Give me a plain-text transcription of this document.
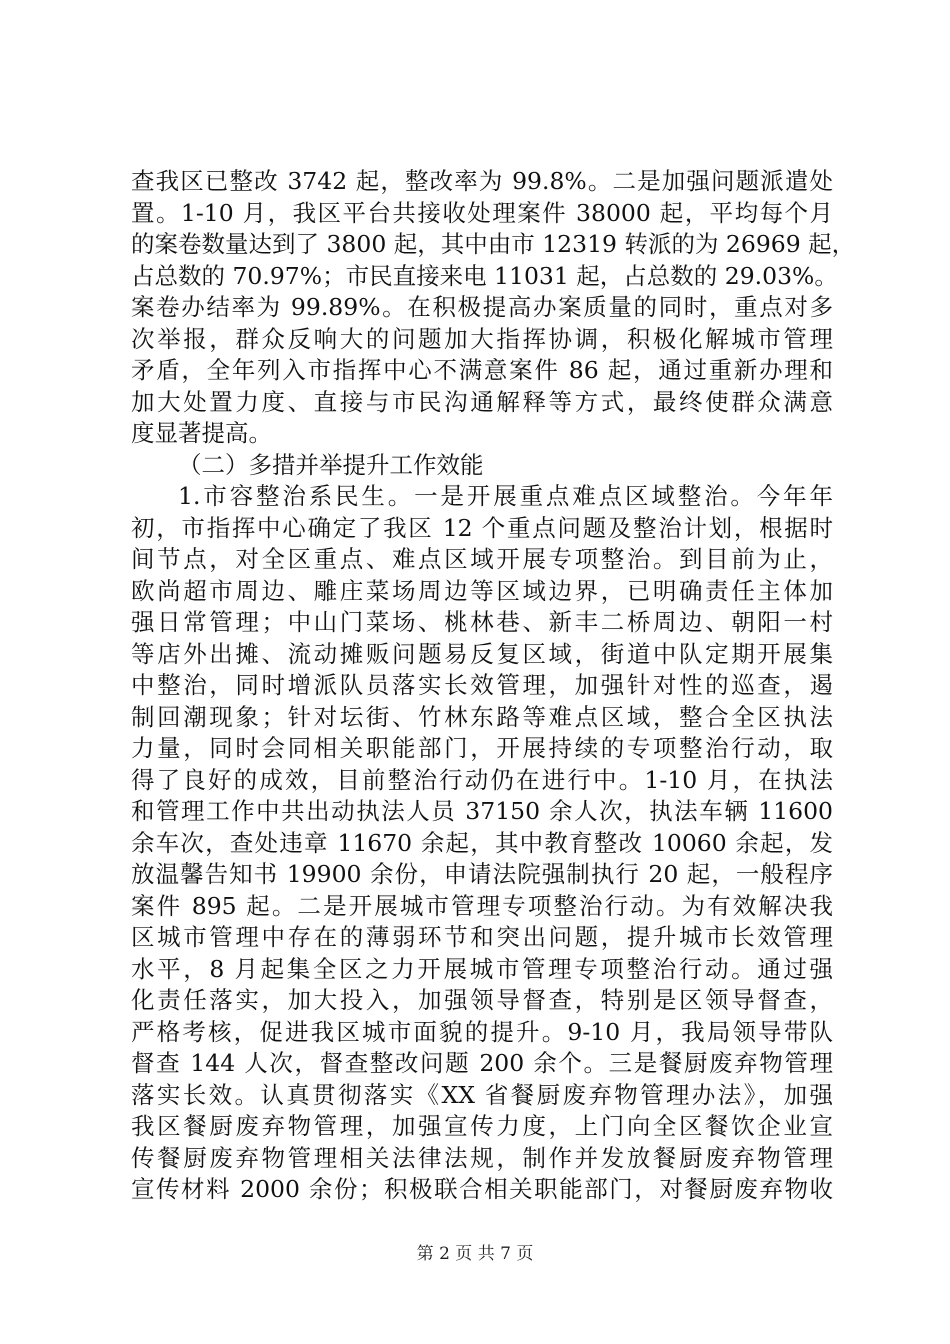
查我区已整改 3742 起，整改率为 99.8%。二是加强问题派遣处
置。1-10 月，我区平台共接收处理案件 38000 起，平均每个月
的案卷数量达到了 3800 起，其中由市 12319 转派的为 26969 起，
占总数的 70.97%；市民直接来电 11031 起，占总数的 29.03%。
案卷办结率为 99.89%。在积极提高办案质量的同时，重点对多
次举报，群众反响大的问题加大指挥协调，积极化解城市管理
矛盾，全年列入市指挥中心不满意案件 86 起，通过重新办理和
加大处置力度、直接与市民沟通解释等方式，最终使群众满意
度显著提高。
（二）多措并举提升工作效能
1.市容整治系民生。一是开展重点难点区域整治。今年年
初，市指挥中心确定了我区 12 个重点问题及整治计划，根据时
间节点，对全区重点、难点区域开展专项整治。到目前为止，
欧尚超市周边、雕庄菜场周边等区域边界，已明确责任主体加
强日常管理；中山门菜场、桃林巷、新丰二桥周边、朝阳一村
等店外出摊、流动摊贩问题易反复区域，街道中队定期开展集
中整治，同时增派队员落实长效管理，加强针对性的巡查，遏
制回潮现象；针对坛街、竹林东路等难点区域，整合全区执法
力量，同时会同相关职能部门，开展持续的专项整治行动，取
得了良好的成效，目前整治行动仍在进行中。1-10 月，在执法
和管理工作中共出动执法人员 37150 余人次，执法车辆 11600
余车次，查处违章 11670 余起，其中教育整改 10060 余起，发
放温馨告知书 19900 余份，申请法院强制执行 20 起，一般程序
案件 895 起。二是开展城市管理专项整治行动。为有效解决我
区城市管理中存在的薄弱环节和突出问题，提升城市长效管理
水平，8 月起集全区之力开展城市管理专项整治行动。通过强
化责任落实，加大投入，加强领导督查，特别是区领导督查，
严格考核，促进我区城市面貌的提升。9-10 月，我局领导带队
督查 144 人次，督查整改问题 200 余个。三是餐厨废弃物管理
落实长效。认真贯彻落实《XX 省餐厨废弃物管理办法》，加强
我区餐厨废弃物管理，加强宣传力度，上门向全区餐饮企业宣
传餐厨废弃物管理相关法律法规，制作并发放餐厨废弃物管理
宣传材料 2000 余份；积极联合相关职能部门，对餐厨废弃物收
第 2 页 共 7 页
